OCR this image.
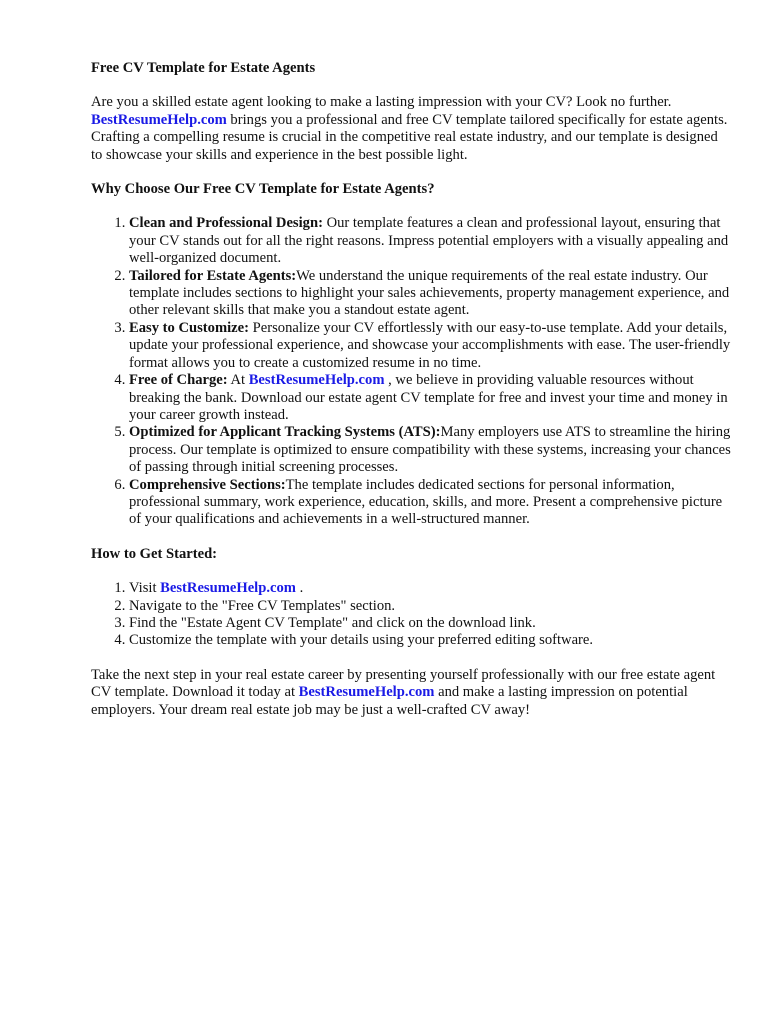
Free CV Template for Estate Agents

Are you a skilled estate agent looking to make a lasting impression with your CV? Look no further.
BestResumeHelp.com brings you a professional and free CV template tailored specifically for estate agents. Crafting a compelling resume is crucial in the competitive real estate industry, and our template is designed to showcase your skills and experience in the best possible light.

Why Choose Our Free CV Template for Estate Agents?
1. Clean and Professional Design: Our template features a clean and professional layout, ensuring that your CV stands out for all the right reasons. Impress potential employers with a visually appealing and well-organized document.
2. Tailored for Estate Agents:We understand the unique requirements of the real estate industry. Our template includes sections to highlight your sales achievements, property management experience, and other relevant skills that make you a standout estate agent.
3. Easy to Customize: Personalize your CV effortlessly with our easy-to-use template. Add your details, update your professional experience, and showcase your accomplishments with ease. The user-friendly format allows you to create a customized resume in no time.
4. Free of Charge: At BestResumeHelp.com , we believe in providing valuable resources without breaking the bank. Download our estate agent CV template for free and invest your time and money in your career growth instead.
5. Optimized for Applicant Tracking Systems (ATS):Many employers use ATS to streamline the hiring process. Our template is optimized to ensure compatibility with these systems, increasing your chances of passing through initial screening processes.
6. Comprehensive Sections:The template includes dedicated sections for personal information, professional summary, work experience, education, skills, and more. Present a comprehensive picture of your qualifications and achievements in a well-structured manner.
How to Get Started:
1. Visit BestResumeHelp.com .
2. Navigate to the "Free CV Templates" section.
3. Find the "Estate Agent CV Template" and click on the download link.
4. Customize the template with your details using your preferred editing software.

Take the next step in your real estate career by presenting yourself professionally with our free estate agent CV template. Download it today at BestResumeHelp.com and make a lasting impression on potential employers. Your dream real estate job may be just a well-crafted CV away!
